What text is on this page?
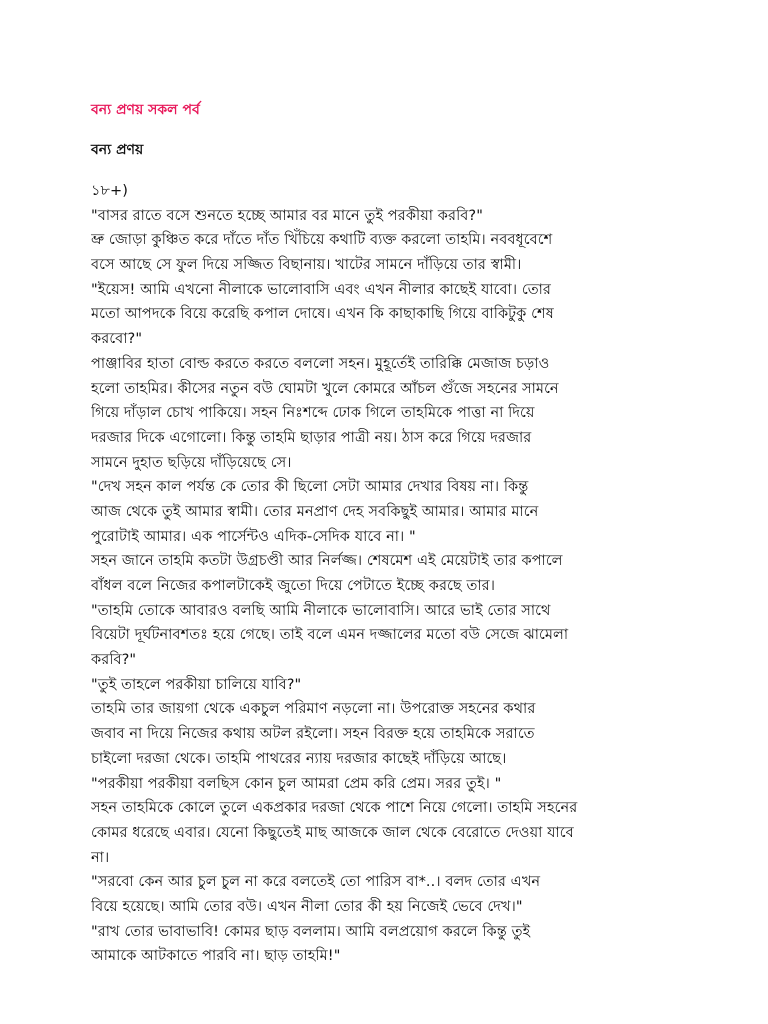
বন্য প্রণয় সকল পর্ব
বন্য প্রণয়
১৮+)
"বাসর রাতে বসে শুনতে হচ্ছে আমার বর মানে তুই পরকীয়া করবি?"
ভ্রু জোড়া কুঞ্চিত করে দাঁতে দাঁত খিঁচিয়ে কথাটি ব্যক্ত করলো তাহমি। নববধূবেশে
বসে আছে সে ফুল দিয়ে সজ্জিত বিছানায়। খাটের সামনে দাঁড়িয়ে তার স্বামী।
"ইয়েস! আমি এখনো নীলাকে ভালোবাসি এবং এখন নীলার কাছেই যাবো। তোর
মতো আপদকে বিয়ে করেছি কপাল দোষে। এখন কি কাছাকাছি গিয়ে বাকিটুকু শেষ
করবো?"
পাঞ্জাবির হাতা বোল্ড করতে করতে বললো সহন। মুহূর্তেই তারিক্কি মেজাজ চড়াও
হলো তাহমির। কীসের নতুন বউ ঘোমটা খুলে কোমরে আঁচল গুঁজে সহনের সামনে
গিয়ে দাঁড়াল চোখ পাকিয়ে। সহন নিঃশব্দে ঢোক গিলে তাহমিকে পাত্তা না দিয়ে
দরজার দিকে এগোলো। কিন্তু তাহমি ছাড়ার পাত্রী নয়। ঠাস করে গিয়ে দরজার
সামনে দুহাত ছড়িয়ে দাঁড়িয়েছে সে।
"দেখ সহন কাল পর্যন্ত কে তোর কী ছিলো সেটা আমার দেখার বিষয় না। কিন্তু
আজ থেকে তুই আমার স্বামী। তোর মনপ্রাণ দেহ সবকিছুই আমার। আমার মানে
পুরোটাই আমার। এক পার্সেন্টও এদিক-সেদিক যাবে না। "
সহন জানে তাহমি কতটা উগ্রচণ্ডী আর নির্লজ্জ। শেষমেশ এই মেয়েটাই তার কপালে
বাঁধল বলে নিজের কপালটাকেই জুতো দিয়ে পেটাতে ইচ্ছে করছে তার।
"তাহমি তোকে আবারও বলছি আমি নীলাকে ভালোবাসি। আরে ভাই তোর সাথে
বিয়েটা দূর্ঘটনাবশতঃ হয়ে গেছে। তাই বলে এমন দজ্জালের মতো বউ সেজে ঝামেলা
করবি?"
"তুই তাহলে পরকীয়া চালিয়ে যাবি?"
তাহমি তার জায়গা থেকে একচুল পরিমাণ নড়লো না। উপরোক্ত সহনের কথার
জবাব না দিয়ে নিজের কথায় অটল রইলো। সহন বিরক্ত হয়ে তাহমিকে সরাতে
চাইলো দরজা থেকে। তাহমি পাথরের ন্যায় দরজার কাছেই দাঁড়িয়ে আছে।
"পরকীয়া পরকীয়া বলছিস কোন চুল আমরা প্রেম করি প্রেম। সরর তুই। "
সহন তাহমিকে কোলে তুলে একপ্রকার দরজা থেকে পাশে নিয়ে গেলো। তাহমি সহনের
কোমর ধরেছে এবার। যেনো কিছুতেই মাছ আজকে জাল থেকে বেরোতে দেওয়া যাবে
না।
"সরবো কেন আর চুল চুল না করে বলতেই তো পারিস বা*..। বলদ তোর এখন
বিয়ে হয়েছে। আমি তোর বউ। এখন নীলা তোর কী হয় নিজেই ভেবে দেখ।"
"রাখ তোর ভাবাভাবি! কোমর ছাড় বললাম। আমি বলপ্রয়োগ করলে কিন্তু তুই
আমাকে আটকাতে পারবি না। ছাড় তাহমি!"
